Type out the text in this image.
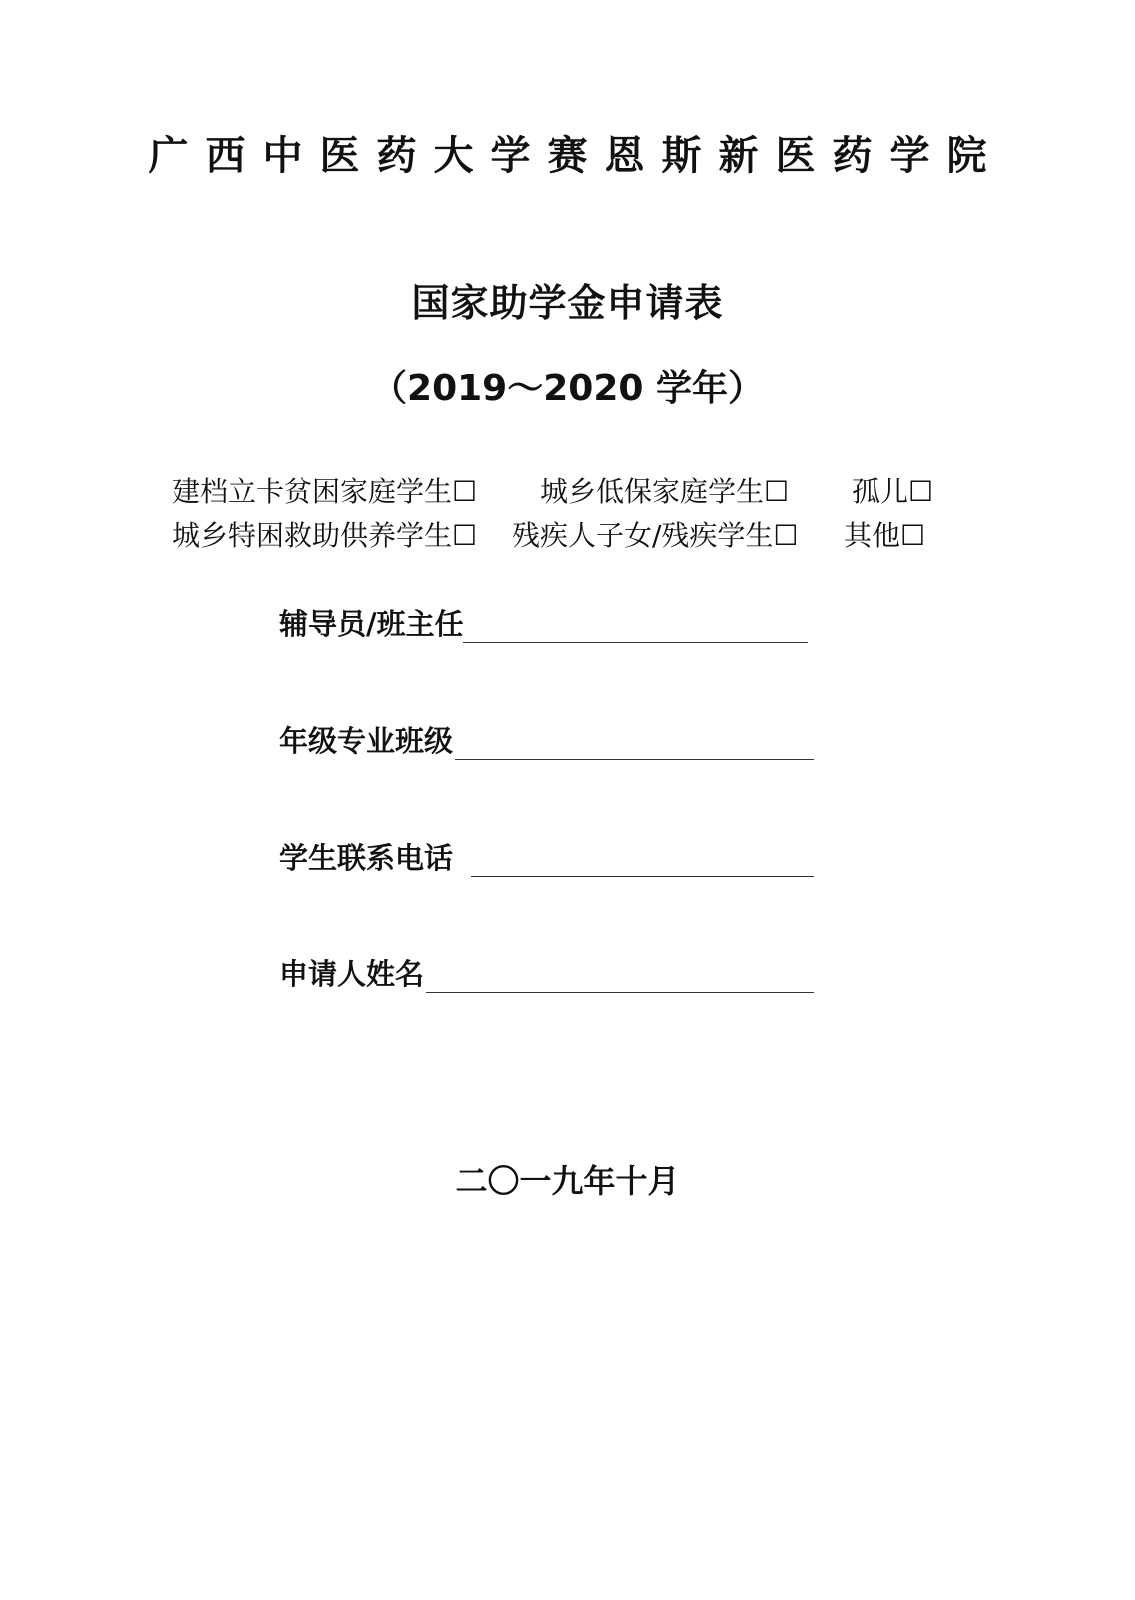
广西中医药大学赛恩斯新医药学院
国家助学金申请表
（2019～2020 学年）
建档立卡贫困家庭学生☐ 城乡低保家庭学生☐ 孤儿☐
城乡特困救助供养学生☐ 残疾人子女/残疾学生☐ 其他☐
辅导员/班主任
年级专业班级
学生联系电话
申请人姓名
二〇一九年十月
